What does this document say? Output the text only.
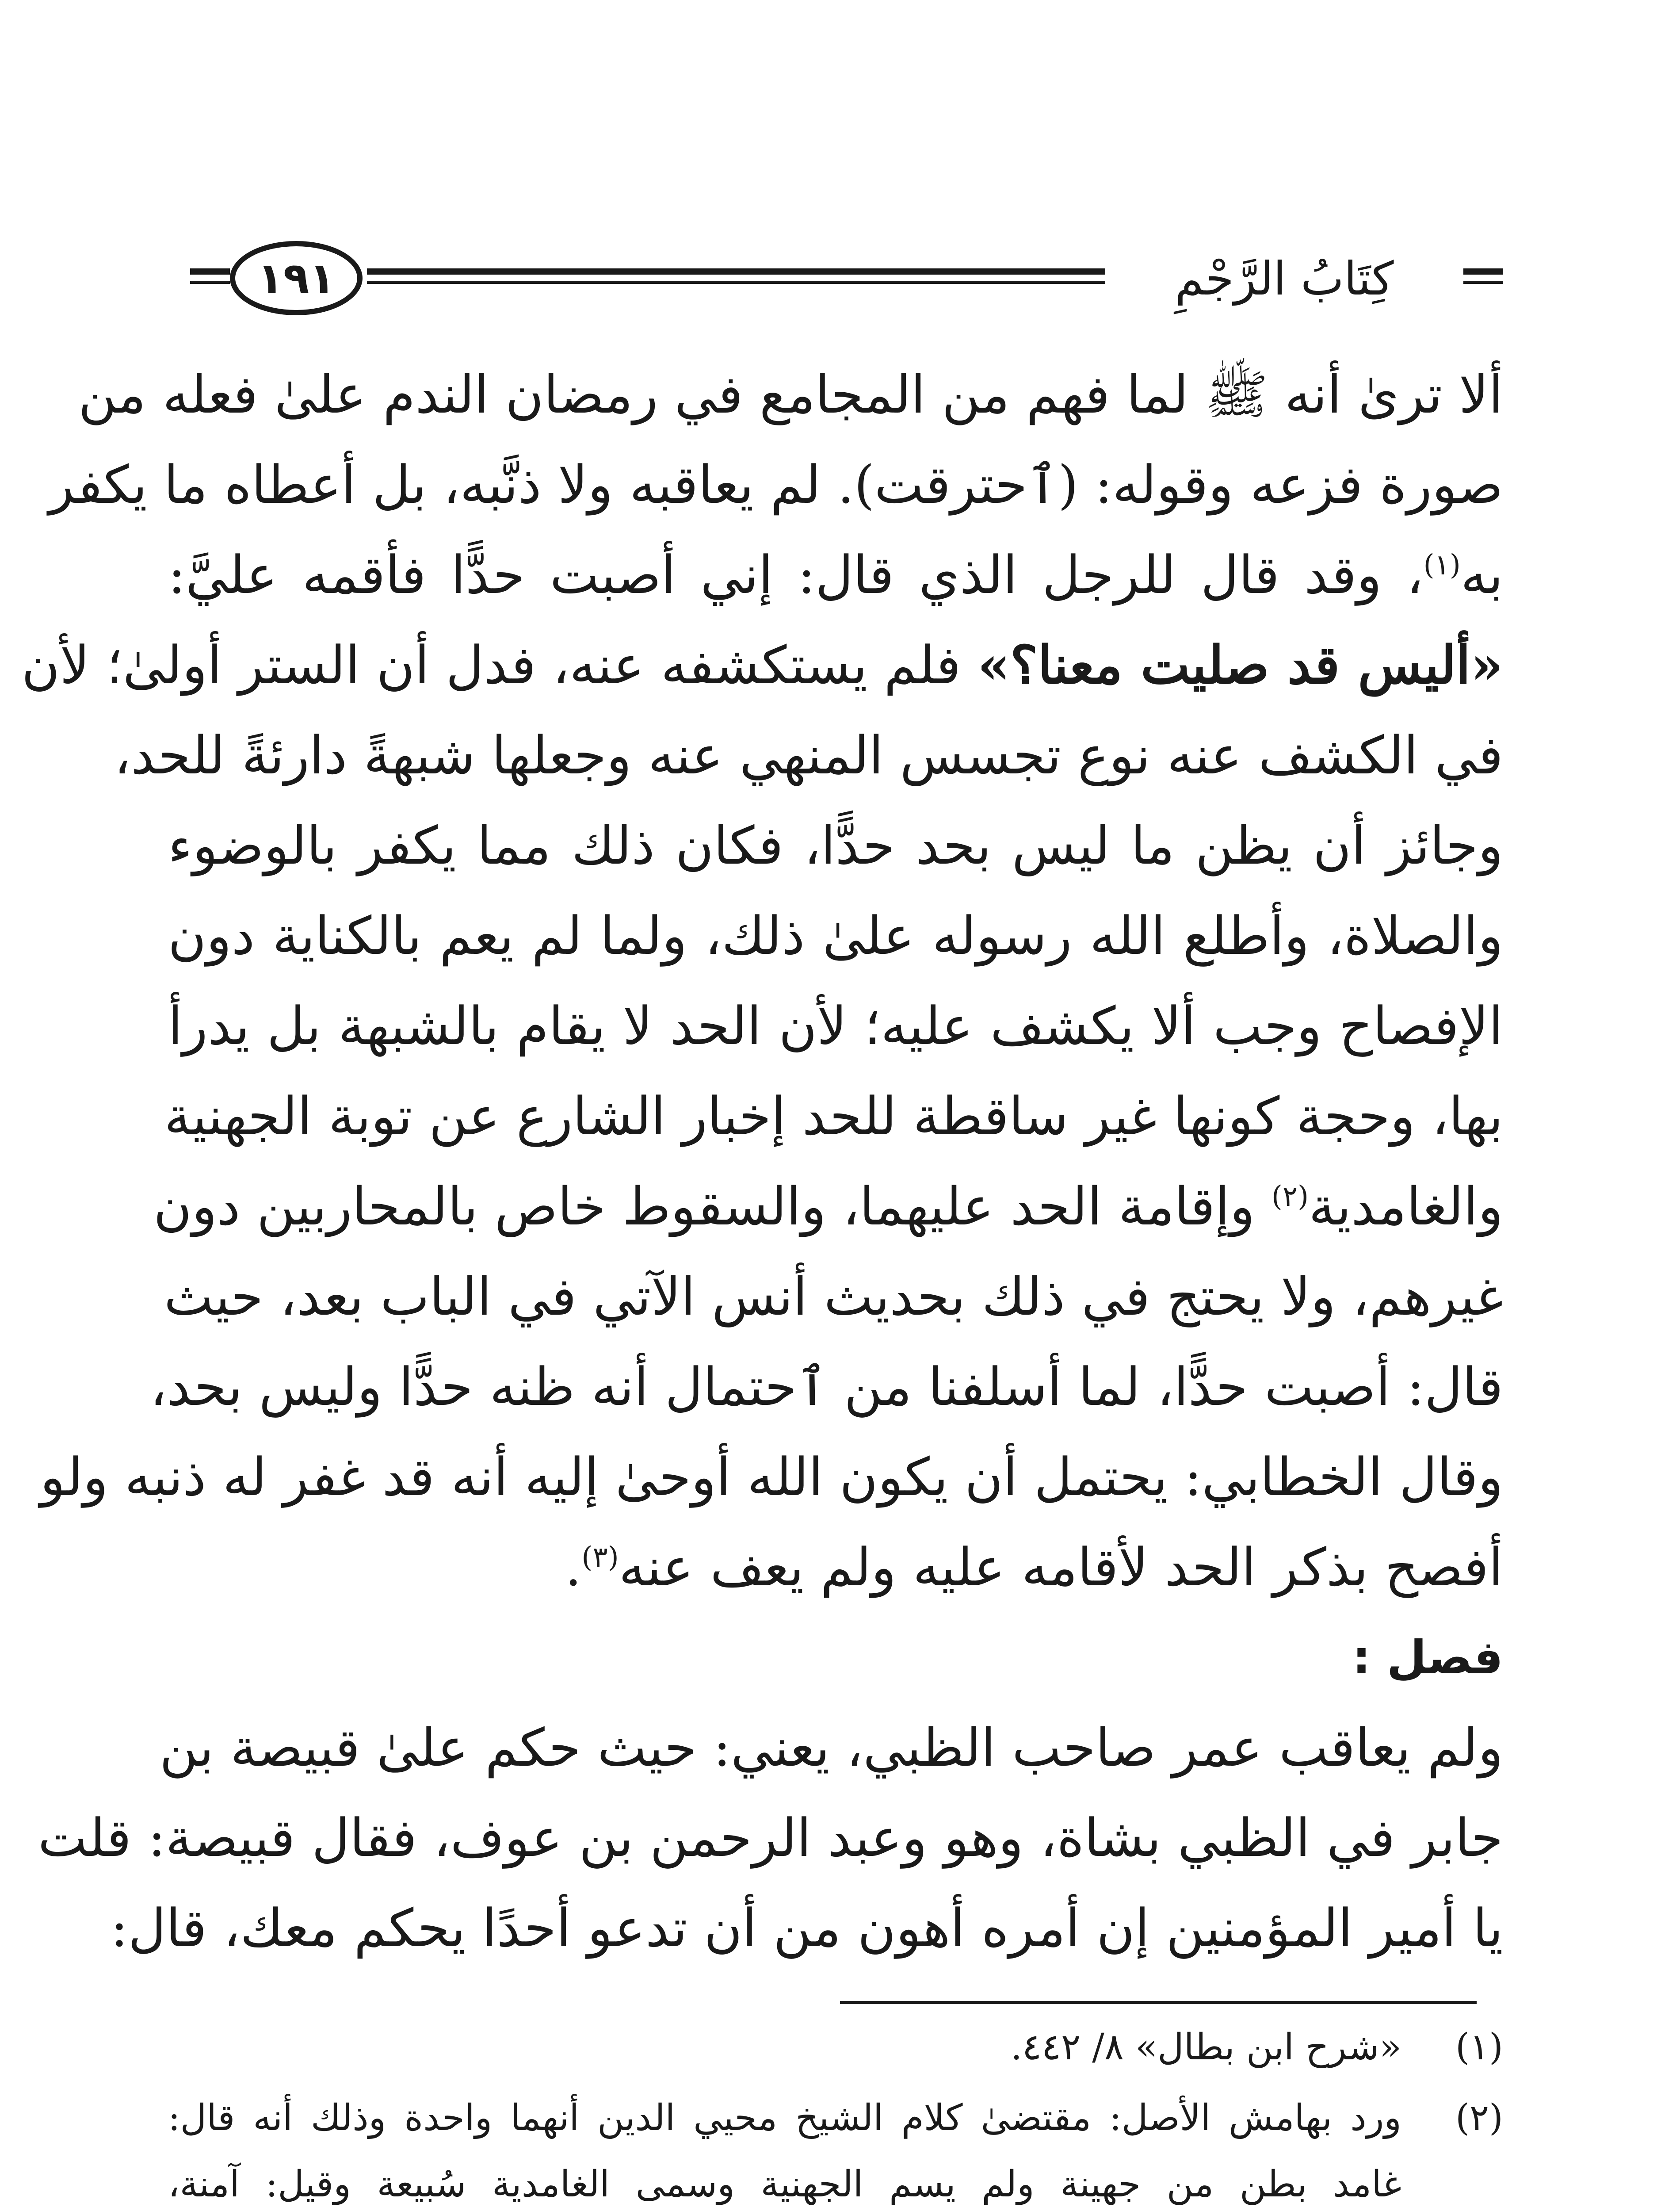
١٩١	كِتَابُ الرَّجْمِ
ألا ترىٰ أنه ﷺ لما فهم من المجامع في رمضان الندم علىٰ فعله من
صورة فزعه وقوله: (ٱحترقت). لم يعاقبه ولا ذنَّبه، بل أعطاه ما يكفر
به$^{(١)}$، وقد قال للرجل الذي قال: إني أصبت حدًّا فأقمه عليَّ:
«أليس قد صليت معنا؟» فلم يستكشفه عنه، فدل أن الستر أولىٰ؛ لأن
في الكشف عنه نوع تجسس المنهي عنه وجعلها شبهةً دارئةً للحد،
وجائز أن يظن ما ليس بحد حدًّا، فكان ذلك مما يكفر بالوضوء
والصلاة، وأطلع الله رسوله علىٰ ذلك، ولما لم يعم بالكناية دون
الإفصاح وجب ألا يكشف عليه؛ لأن الحد لا يقام بالشبهة بل يدرأ
بها، وحجة كونها غير ساقطة للحد إخبار الشارع عن توبة الجهنية
والغامدية$^{(٢)}$ وإقامة الحد عليهما، والسقوط خاص بالمحاربين دون
غيرهم، ولا يحتج في ذلك بحديث أنس الآتي في الباب بعد، حيث
قال: أصبت حدًّا، لما أسلفنا من ٱحتمال أنه ظنه حدًّا وليس بحد،
وقال الخطابي: يحتمل أن يكون الله أوحىٰ إليه أنه قد غفر له ذنبه ولو
أفصح بذكر الحد لأقامه عليه ولم يعف عنه$^{(٣)}$.
فصل :
ولم يعاقب عمر صاحب الظبي، يعني: حيث حكم علىٰ قبيصة بن
جابر في الظبي بشاة، وهو وعبد الرحمن بن عوف، فقال قبيصة: قلت
يا أمير المؤمنين إن أمره أهون من أن تدعو أحدًا يحكم معك، قال:
(١)
«شرح ابن بطال» ٨/ ٤٤٢.
(٢)
ورد بهامش الأصل: مقتضىٰ كلام الشيخ محيي الدين أنهما واحدة وذلك أنه قال:
غامد بطن من جهينة ولم يسم الجهنية وسمى الغامدية سُبيعة وقيل: آمنة،
